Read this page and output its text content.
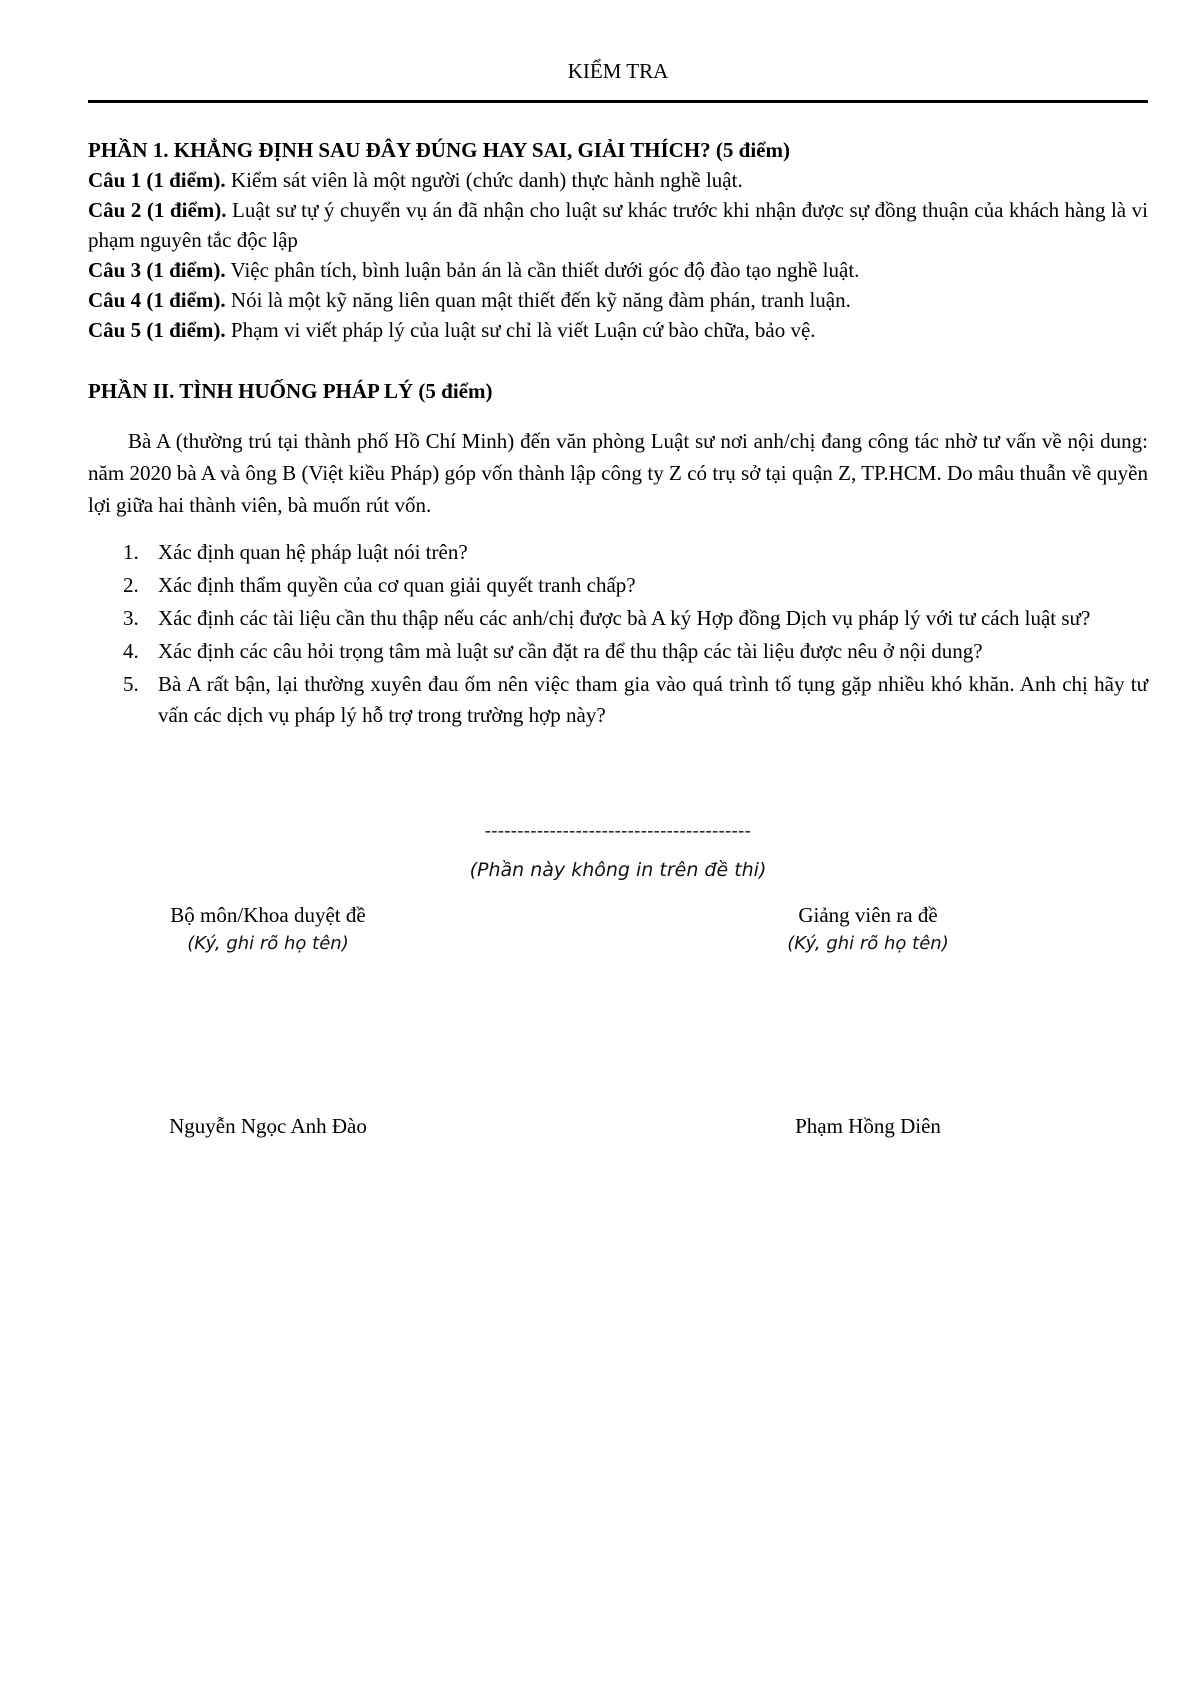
KIỂM TRA

PHẦN 1. KHẲNG ĐỊNH SAU ĐÂY ĐÚNG HAY SAI, GIẢI THÍCH? (5 điểm)

Câu 1 (1 điểm). Kiểm sát viên là một người (chức danh) thực hành nghề luật.

Câu 2 (1 điểm). Luật sư tự ý chuyển vụ án đã nhận cho luật sư khác trước khi nhận được sự đồng thuận của khách hàng là vi phạm nguyên tắc độc lập

Câu 3 (1 điểm). Việc phân tích, bình luận bản án là cần thiết dưới góc độ đào tạo nghề luật.

Câu 4 (1 điểm). Nói là một kỹ năng liên quan mật thiết đến kỹ năng đàm phán, tranh luận.

Câu 5 (1 điểm). Phạm vi viết pháp lý của luật sư chỉ là viết Luận cứ bào chữa, bảo vệ.

PHẦN II. TÌNH HUỐNG PHÁP LÝ (5 điểm)

Bà A (thường trú tại thành phố Hồ Chí Minh) đến văn phòng Luật sư nơi anh/chị đang công tác nhờ tư vấn về nội dung: năm 2020 bà A và ông B (Việt kiều Pháp) góp vốn thành lập công ty Z có trụ sở tại quận Z, TP.HCM. Do mâu thuẫn về quyền lợi giữa hai thành viên, bà muốn rút vốn.

1. Xác định quan hệ pháp luật nói trên?
2. Xác định thẩm quyền của cơ quan giải quyết tranh chấp?
3. Xác định các tài liệu cần thu thập nếu các anh/chị được bà A ký Hợp đồng Dịch vụ pháp lý với tư cách luật sư?
4. Xác định các câu hỏi trọng tâm mà luật sư cần đặt ra để thu thập các tài liệu được nêu ở nội dung?
5. Bà A rất bận, lại thường xuyên đau ốm nên việc tham gia vào quá trình tố tụng gặp nhiều khó khăn. Anh chị hãy tư vấn các dịch vụ pháp lý hỗ trợ trong trường hợp này?
-----------------------------------------
(Phần này không in trên đề thi)
Bộ môn/Khoa duyệt đề
(Ký, ghi rõ họ tên)
Giảng viên ra đề
(Ký, ghi rõ họ tên)
Nguyễn Ngọc Anh Đào	Phạm Hồng Diên
